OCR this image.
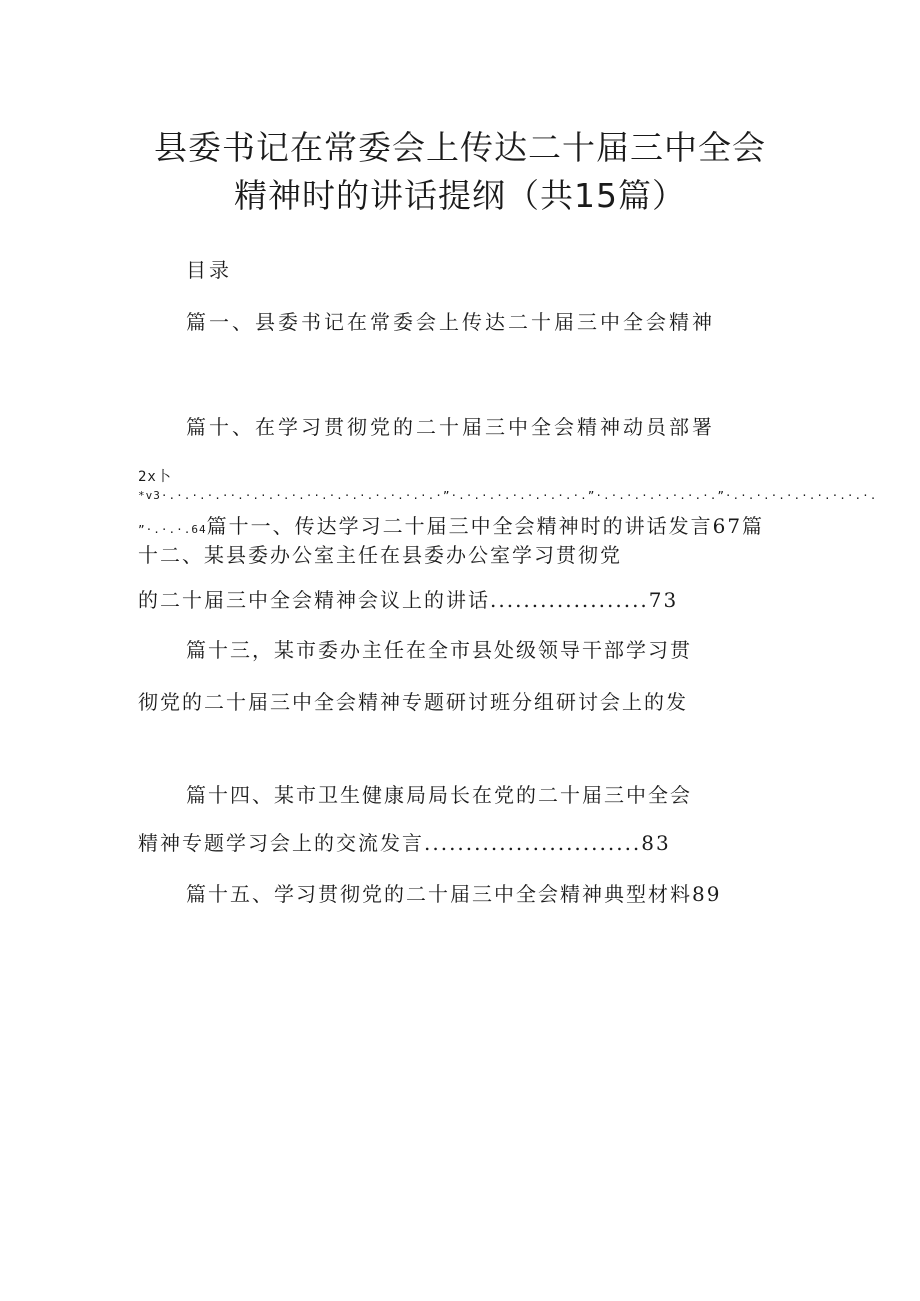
县委书记在常委会上传达二十届三中全会
精神时的讲话提纲（共15篇）
目录
篇一、县委书记在常委会上传达二十届三中全会精神
篇十、在学习贯彻党的二十届三中全会精神动员部署
2x卜
*v3·.·.·.·.··.·.·.·.·.··.·.·.·.·.·.·.·.·”·.·.·.·.·.·.·.·.·.”·.·.·.·.·.·.·.·.”·.·.·.·.·.·.·.·.·.·.
”·.·.·.64篇十一、传达学习二十届三中全会精神时的讲话发言67篇
十二、某县委办公室主任在县委办公室学习贯彻党
的二十届三中全会精神会议上的讲话...................73
篇十三，某市委办主任在全市县处级领导干部学习贯
彻党的二十届三中全会精神专题研讨班分组研讨会上的发
篇十四、某市卫生健康局局长在党的二十届三中全会
精神专题学习会上的交流发言..........................83
篇十五、学习贯彻党的二十届三中全会精神典型材料89
